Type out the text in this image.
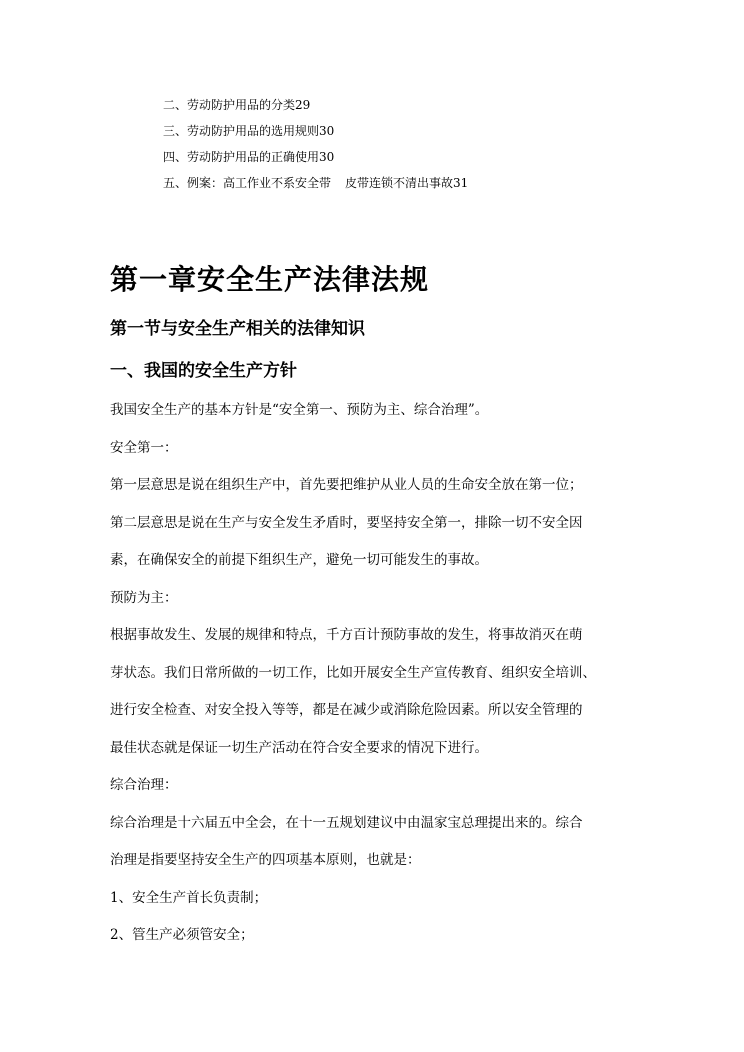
二、劳动防护用品的分类29
三、劳动防护用品的选用规则30
四、劳动防护用品的正确使用30
五、例案：高工作业不系安全带 皮带连锁不清出事故31
第一章安全生产法律法规
第一节与安全生产相关的法律知识
一、我国的安全生产方针
我国安全生产的基本方针是“安全第一、预防为主、综合治理”。
安全第一：
第一层意思是说在组织生产中，首先要把维护从业人员的生命安全放在第一位；
第二层意思是说在生产与安全发生矛盾时，要坚持安全第一，排除一切不安全因
素，在确保安全的前提下组织生产，避免一切可能发生的事故。
预防为主：
根据事故发生、发展的规律和特点，千方百计预防事故的发生，将事故消灭在萌
芽状态。我们日常所做的一切工作，比如开展安全生产宣传教育、组织安全培训、
进行安全检查、对安全投入等等，都是在减少或消除危险因素。所以安全管理的
最佳状态就是保证一切生产活动在符合安全要求的情况下进行。
综合治理：
综合治理是十六届五中全会，在十一五规划建议中由温家宝总理提出来的。综合
治理是指要坚持安全生产的四项基本原则，也就是：
1、安全生产首长负责制；
2、管生产必须管安全；
